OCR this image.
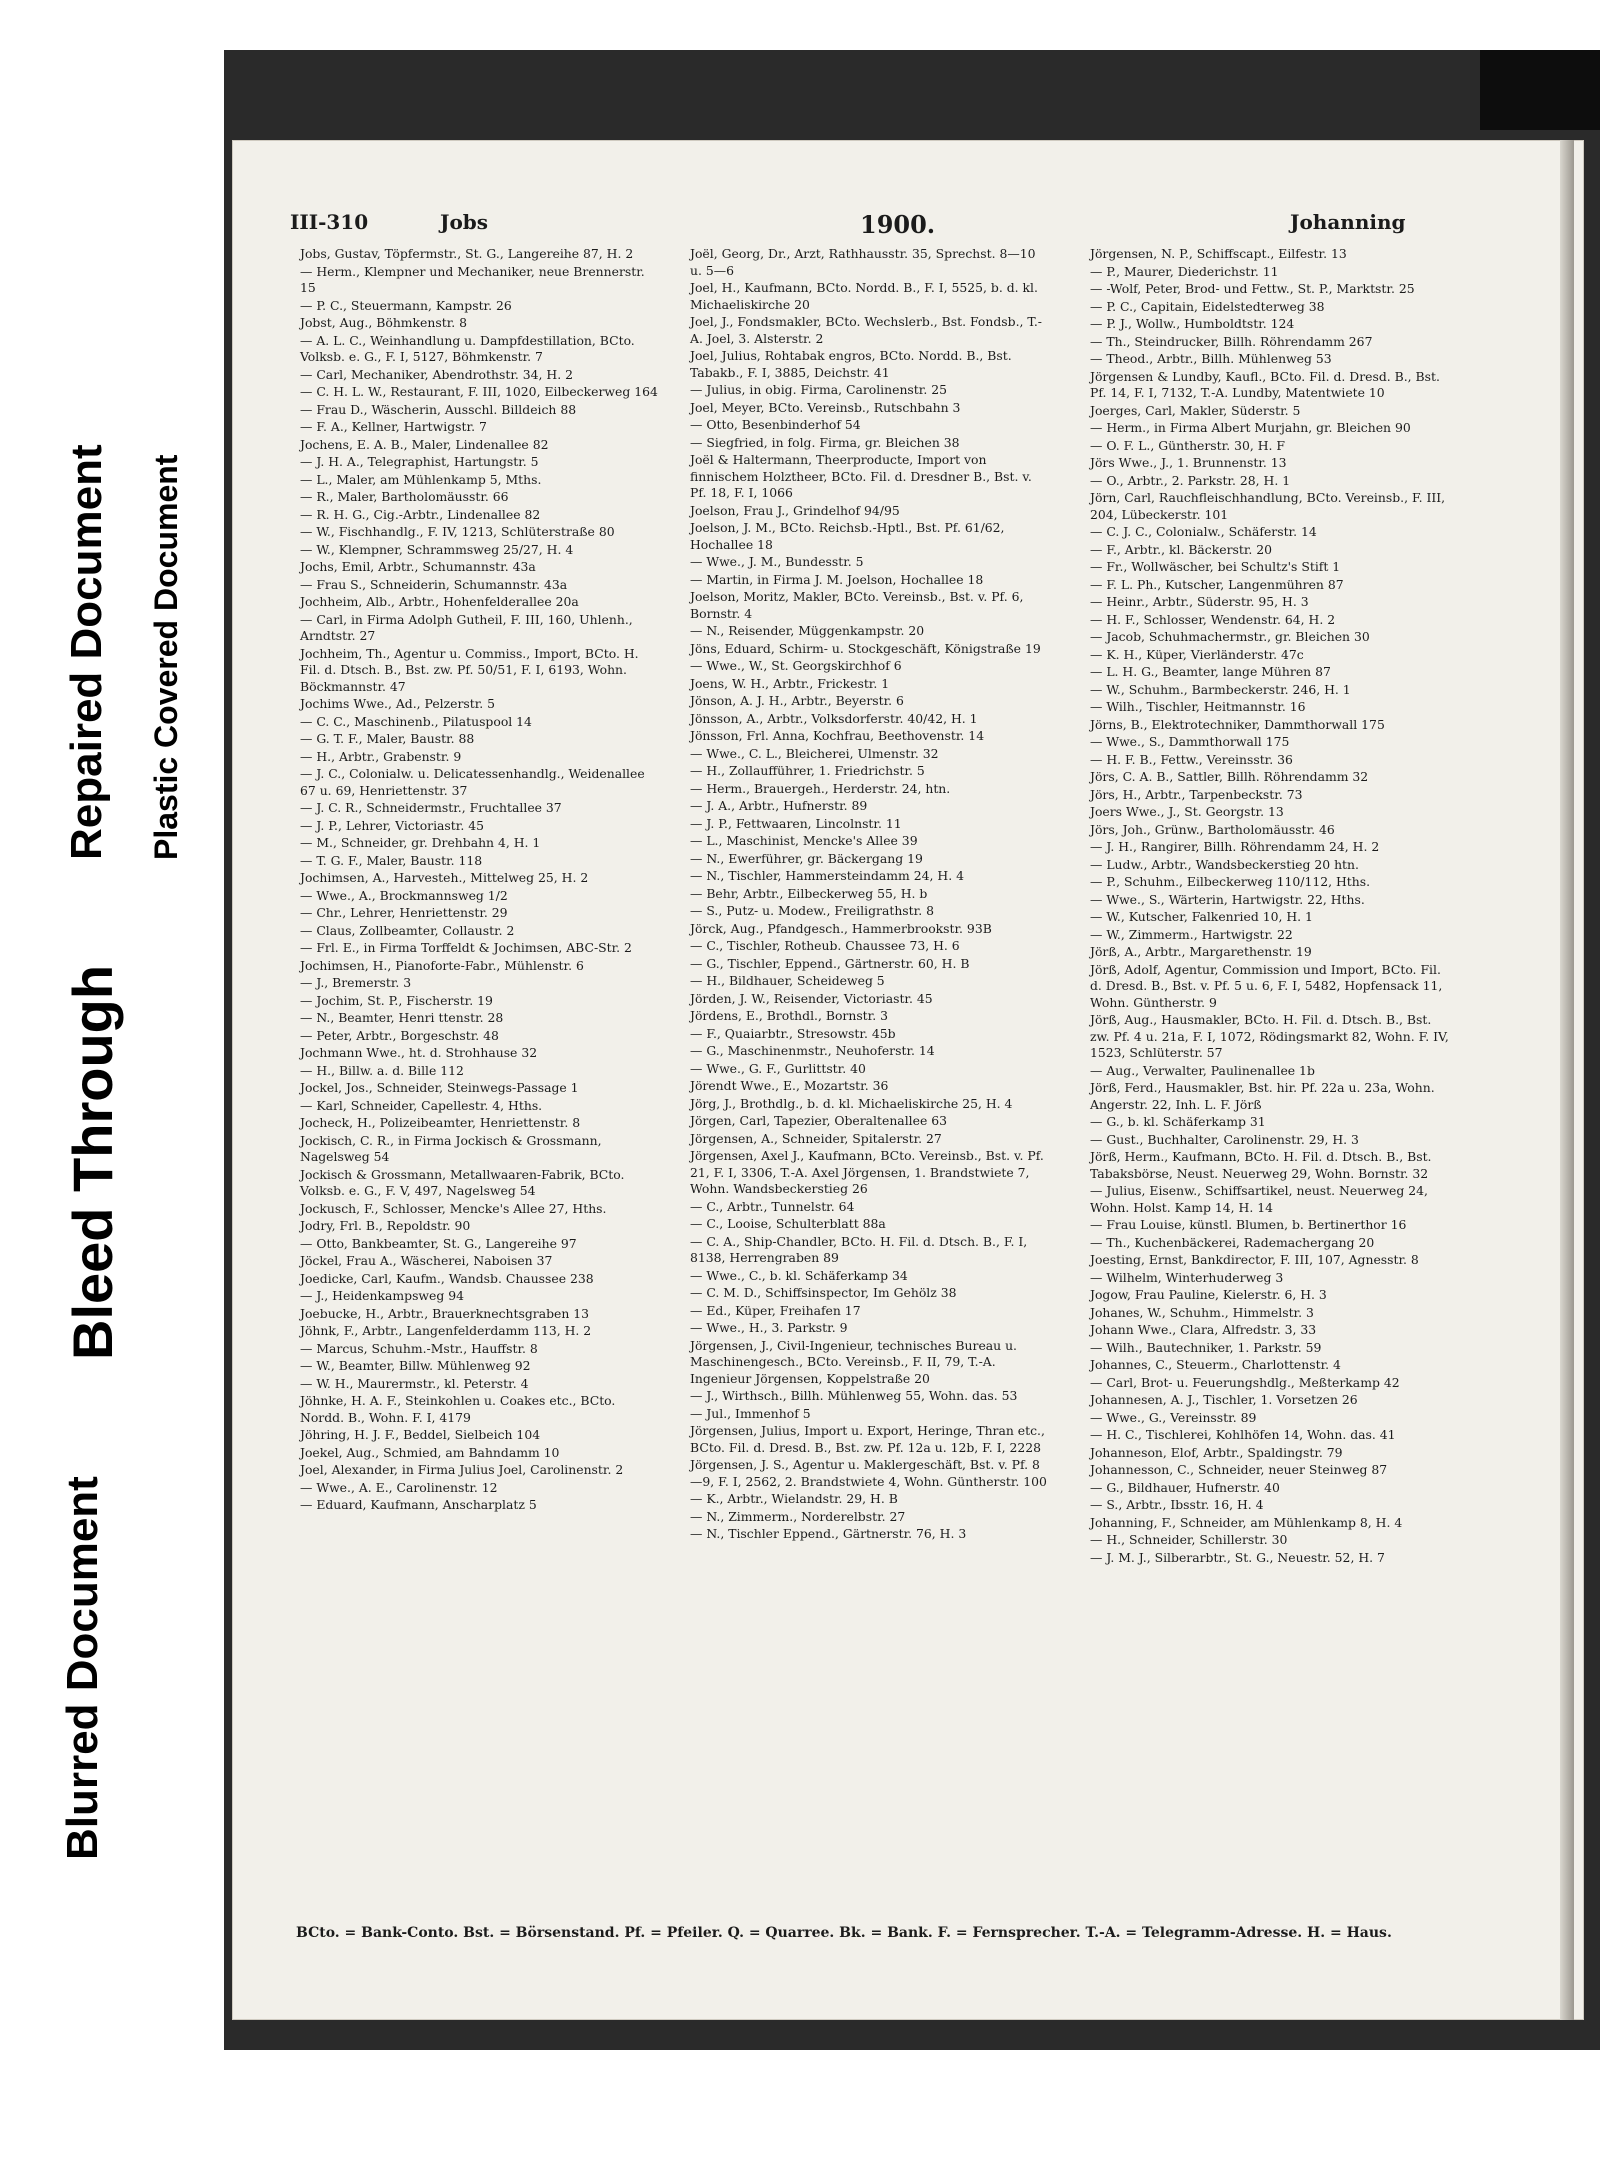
Bleed Through
Repaired Document Plastic Covered Document
Blurred Document
III-310	Jobs	1900.	Johanning
Jobs, Gustav, Töpfermstr., St. G., Langereihe 87, H. 2
— Herm., Klempner und Mechaniker, neue Brennerstr. 15
— P. C., Steuermann, Kampstr. 26
Jobst, Aug., Böhmkenstr. 8
— A. L. C., Weinhandlung u. Dampfdestillation, BCto. Volksb. e. G., F. I, 5127, Böhmkenstr. 7
— Carl, Mechaniker, Abendrothstr. 34, H. 2
— C. H. L. W., Restaurant, F. III, 1020, Eilbeckerweg 164
— Frau D., Wäscherin, Ausschl. Billdeich 88
— F. A., Kellner, Hartwigstr. 7
Jochens, E. A. B., Maler, Lindenallee 82
— J. H. A., Telegraphist, Hartungstr. 5
— L., Maler, am Mühlenkamp 5, Mths.
— R., Maler, Bartholomäusstr. 66
— R. H. G., Cig.-Arbtr., Lindenallee 82
— W., Fischhandlg., F. IV, 1213, Schlüterstraße 80
— W., Klempner, Schrammsweg 25/27, H. 4
Jochs, Emil, Arbtr., Schumannstr. 43a
— Frau S., Schneiderin, Schumannstr. 43a
Jochheim, Alb., Arbtr., Hohenfelderallee 20a
— Carl, in Firma Adolph Gutheil, F. III, 160, Uhlenh., Arndtstr. 27
Jochheim, Th., Agentur u. Commiss., Import, BCto. H. Fil. d. Dtsch. B., Bst. zw. Pf. 50/51, F. I, 6193, Wohn. Böckmannstr. 47
Jochims Wwe., Ad., Pelzerstr. 5
— C. C., Maschinenb., Pilatuspool 14
— G. T. F., Maler, Baustr. 88
— H., Arbtr., Grabenstr. 9
— J. C., Colonialw. u. Delicatessenhandlg., Weidenallee 67 u. 69, Henriettenstr. 37
— J. C. R., Schneidermstr., Fruchtallee 37
— J. P., Lehrer, Victoriastr. 45
— M., Schneider, gr. Drehbahn 4, H. 1
— T. G. F., Maler, Baustr. 118
Jochimsen, A., Harvestеh., Mittelweg 25, H. 2
— Wwe., A., Brockmannsweg 1/2
— Chr., Lehrer, Henriettenstr. 29
— Claus, Zollbeamter, Collaustr. 2
— Frl. E., in Firma Torffeldt & Jochimsen, ABC-Str. 2
Jochimsen, H., Pianoforte-Fabr., Mühlenstr. 6
— J., Bremerstr. 3
— Jochim, St. P., Fischerstr. 19
— N., Beamter, Henri ttenstr. 28
— Peter, Arbtr., Borgeschstr. 48
Jochmann Wwe., ht. d. Strohhause 32
— H., Billw. a. d. Bille 112
Jockel, Jos., Schneider, Steinwegs-Passage 1
— Karl, Schneider, Capellestr. 4, Hths.
Jocheck, H., Polizeibeamter, Henriettenstr. 8
Jockisch, C. R., in Firma Jockisch & Grossmann, Nagelsweg 54
Jockisch & Grossmann, Metallwaaren-Fabrik, BCto. Volksb. e. G., F. V, 497, Nagelsweg 54
Jockusch, F., Schlosser, Mencke's Allee 27, Hths.
Jodry, Frl. B., Repoldstr. 90
— Otto, Bankbeamter, St. G., Langereihe 97
Jöckel, Frau A., Wäscherei, Naboisen 37
Joedicke, Carl, Kaufm., Wandsb. Chaussee 238
— J., Heidenkampsweg 94
Joebucke, H., Arbtr., Brauerknechtsgraben 13
Jöhnk, F., Arbtr., Langenfelderdamm 113, H. 2
— Marcus, Schuhm.-Mstr., Hauffstr. 8
— W., Beamter, Billw. Mühlenweg 92
— W. H., Maurermstr., kl. Peterstr. 4
Jöhnke, H. A. F., Steinkohlen u. Coakes etc., BCto. Nordd. B., Wohn. F. I, 4179
Jöhring, H. J. F., Beddel, Sielbeich 104
Joekel, Aug., Schmied, am Bahndamm 10
Joel, Alexander, in Firma Julius Joel, Carolinenstr. 2
— Wwe., A. E., Carolinenstr. 12
— Eduard, Kaufmann, Anscharplatz 5
Joël, Georg, Dr., Arzt, Rathhausstr. 35, Sprechst. 8—10 u. 5—6
Joel, H., Kaufmann, BCto. Nordd. B., F. I, 5525, b. d. kl. Michaeliskirche 20
Joel, J., Fondsmakler, BCto. Wechslerb., Bst. Fondsb., T.-A. Joel, 3. Alsterstr. 2
Joel, Julius, Rohtabak engros, BCto. Nordd. B., Bst. Tabakb., F. I, 3885, Deichstr. 41
— Julius, in obig. Firma, Carolinenstr. 25
Joel, Meyer, BCto. Vereinsb., Rutschbahn 3
— Otto, Besenbinderhof 54
— Siegfried, in folg. Firma, gr. Bleichen 38
Joël & Haltermann, Theerproducte, Import von finnischem Holztheer, BCto. Fil. d. Dresdner B., Bst. v. Pf. 18, F. I, 1066
Joelson, Frau J., Grindelhof 94/95
Joelson, J. M., BCto. Reichsb.-Hptl., Bst. Pf. 61/62, Hochallee 18
— Wwe., J. M., Bundesstr. 5
— Martin, in Firma J. M. Joelson, Hochallee 18
Joelson, Moritz, Makler, BCto. Vereinsb., Bst. v. Pf. 6, Bornstr. 4
— N., Reisender, Müggenkampstr. 20
Jöns, Eduard, Schirm- u. Stockgeschäft, Königstraße 19
— Wwe., W., St. Georgskirchhof 6
Joens, W. H., Arbtr., Frickestr. 1
Jönson, A. J. H., Arbtr., Beyerstr. 6
Jönsson, A., Arbtr., Volksdorferstr. 40/42, H. 1
Jönsson, Frl. Anna, Kochfrau, Beethovenstr. 14
— Wwe., C. L., Bleicherei, Ulmenstr. 32
— H., Zollaufführer, 1. Friedrichstr. 5
— Herm., Brauergeh., Herderstr. 24, htn.
— J. A., Arbtr., Hufnerstr. 89
— J. P., Fettwaaren, Lincolnstr. 11
— L., Maschinist, Mencke's Allee 39
— N., Ewerführer, gr. Bäckergang 19
— N., Tischler, Hammersteindamm 24, H. 4
— Behr, Arbtr., Eilbeckerweg 55, H. b
— S., Putz- u. Modew., Freiligrathstr. 8
Jörck, Aug., Pfandgesch., Hammerbrookstr. 93B
— C., Tischler, Rotheub. Chaussee 73, H. 6
— G., Tischler, Eppend., Gärtnerstr. 60, H. B
— H., Bildhauer, Scheideweg 5
Jörden, J. W., Reisender, Victoriastr. 45
Jördens, E., Brothdl., Bornstr. 3
— F., Quaiarbtr., Stresowstr. 45b
— G., Maschinenmstr., Neuhoferstr. 14
— Wwe., G. F., Gurlittstr. 40
Jörendt Wwe., E., Mozartstr. 36
Jörg, J., Brothdlg., b. d. kl. Michaeliskirche 25, H. 4
Jörgen, Carl, Tapezier, Oberaltenallee 63
Jörgensen, A., Schneider, Spitalerstr. 27
Jörgensen, Axel J., Kaufmann, BCto. Vereinsb., Bst. v. Pf. 21, F. I, 3306, T.-A. Axel Jörgensen, 1. Brandstwiete 7, Wohn. Wandsbeckerstieg 26
— C., Arbtr., Tunnelstr. 64
— C., Looise, Schulterblatt 88a
— C. A., Ship-Chandler, BCto. H. Fil. d. Dtsch. B., F. I, 8138, Herrengraben 89
— Wwe., C., b. kl. Schäferkamp 34
— C. M. D., Schiffsinspector, Im Gehölz 38
— Ed., Küper, Freihafen 17
— Wwe., H., 3. Parkstr. 9
Jörgensen, J., Civil-Ingenieur, technisches Bureau u. Maschinengesch., BCto. Vereinsb., F. II, 79, T.-A. Ingenieur Jörgensen, Koppelstraße 20
— J., Wirthsch., Billh. Mühlenweg 55, Wohn. das. 53
— Jul., Immenhof 5
Jörgensen, Julius, Import u. Export, Heringe, Thran etc., BCto. Fil. d. Dresd. B., Bst. zw. Pf. 12a u. 12b, F. I, 2228
Jörgensen, J. S., Agentur u. Maklergeschäft, Bst. v. Pf. 8—9, F. I, 2562, 2. Brandstwiete 4, Wohn. Güntherstr. 100
— K., Arbtr., Wielandstr. 29, H. B
— N., Zimmerm., Norderelbstr. 27
— N., Tischler Eppend., Gärtnerstr. 76, H. 3
Jörgensen, N. P., Schiffscapt., Eilfestr. 13
— P., Maurer, Diederichstr. 11
— -Wolf, Peter, Brod- und Fettw., St. P., Marktstr. 25
— P. C., Capitain, Eidelstedterweg 38
— P. J., Wollw., Humboldtstr. 124
— Th., Steindrucker, Billh. Röhrendamm 267
— Theod., Arbtr., Billh. Mühlenweg 53
Jörgensen & Lundby, Kaufl., BCto. Fil. d. Dresd. B., Bst. Pf. 14, F. I, 7132, T.-A. Lundby, Matentwiete 10
Joerges, Carl, Makler, Süderstr. 5
— Herm., in Firma Albert Murjahn, gr. Bleichen 90
— O. F. L., Güntherstr. 30, H. F
Jörs Wwe., J., 1. Brunnenstr. 13
— O., Arbtr., 2. Parkstr. 28, H. 1
Jörn, Carl, Rauchfleischhandlung, BCto. Vereinsb., F. III, 204, Lübeckerstr. 101
— C. J. C., Colonialw., Schäferstr. 14
— F., Arbtr., kl. Bäckerstr. 20
— Fr., Wollwäscher, bei Schultz's Stift 1
— F. L. Ph., Kutscher, Langenmühren 87
— Heinr., Arbtr., Süderstr. 95, H. 3
— H. F., Schlosser, Wendenstr. 64, H. 2
— Jacob, Schuhmachermstr., gr. Bleichen 30
— K. H., Küper, Vierländerstr. 47c
— L. H. G., Beamter, lange Mühren 87
— W., Schuhm., Barmbeckerstr. 246, H. 1
— Wilh., Tischler, Heitmannstr. 16
Jörns, B., Elektrotechniker, Dammthorwall 175
— Wwe., S., Dammthorwall 175
— H. F. B., Fettw., Vereinsstr. 36
Jörs, C. A. B., Sattler, Billh. Röhrendamm 32
Jörs, H., Arbtr., Tarpenbeckstr. 73
Joers Wwe., J., St. Georgstr. 13
Jörs, Joh., Grünw., Bartholomäusstr. 46
— J. H., Rangirer, Billh. Röhrendamm 24, H. 2
— Ludw., Arbtr., Wandsbeckerstieg 20 htn.
— P., Schuhm., Eilbeckerweg 110/112, Hths.
— Wwe., S., Wärterin, Hartwigstr. 22, Hths.
— W., Kutscher, Falkenried 10, H. 1
— W., Zimmerm., Hartwigstr. 22
Jörß, A., Arbtr., Margarethenstr. 19
Jörß, Adolf, Agentur, Commission und Import, BCto. Fil. d. Dresd. B., Bst. v. Pf. 5 u. 6, F. I, 5482, Hopfensack 11, Wohn. Güntherstr. 9
Jörß, Aug., Hausmakler, BCto. H. Fil. d. Dtsch. B., Bst. zw. Pf. 4 u. 21a, F. I, 1072, Rödingsmarkt 82, Wohn. F. IV, 1523, Schlüterstr. 57
— Aug., Verwalter, Paulinenallee 1b
Jörß, Ferd., Hausmakler, Bst. hir. Pf. 22a u. 23a, Wohn. Angerstr. 22, Inh. L. F. Jörß
— G., b. kl. Schäferkamp 31
— Gust., Buchhalter, Carolinenstr. 29, H. 3
Jörß, Herm., Kaufmann, BCto. H. Fil. d. Dtsch. B., Bst. Tabaksbörse, Neust. Neuerweg 29, Wohn. Bornstr. 32
— Julius, Eisenw., Schiffsartikel, neust. Neuerweg 24, Wohn. Holst. Kamp 14, H. 14
— Frau Louise, künstl. Blumen, b. Bertinerthor 16
— Th., Kuchenbäckerei, Rademachergang 20
Joesting, Ernst, Bankdirector, F. III, 107, Agnesstr. 8
— Wilhelm, Winterhuderweg 3
Jogow, Frau Pauline, Kielerstr. 6, H. 3
Johanes, W., Schuhm., Himmelstr. 3
Johann Wwe., Clara, Alfredstr. 3, 33
— Wilh., Bautechniker, 1. Parkstr. 59
Johannes, C., Steuerm., Charlottenstr. 4
— Carl, Brot- u. Feuerungshdlg., Meßterkamp 42
Johannesen, A. J., Tischler, 1. Vorsetzen 26
— Wwe., G., Vereinsstr. 89
— H. C., Tischlerei, Kohlhöfen 14, Wohn. das. 41
Johanneson, Elof, Arbtr., Spaldingstr. 79
Johannesson, C., Schneider, neuer Steinweg 87
— G., Bildhauer, Hufnerstr. 40
— S., Arbtr., Ibsstr. 16, H. 4
Johanning, F., Schneider, am Mühlenkamp 8, H. 4
— H., Schneider, Schillerstr. 30
— J. M. J., Silberarbtr., St. G., Neuestr. 52, H. 7
BCto. = Bank-Conto. Bst. = Börsenstand. Pf. = Pfeiler. Q. = Quarree. Bk. = Bank. F. = Fernsprecher. T.-A. = Telegramm-Adresse. H. = Haus.
